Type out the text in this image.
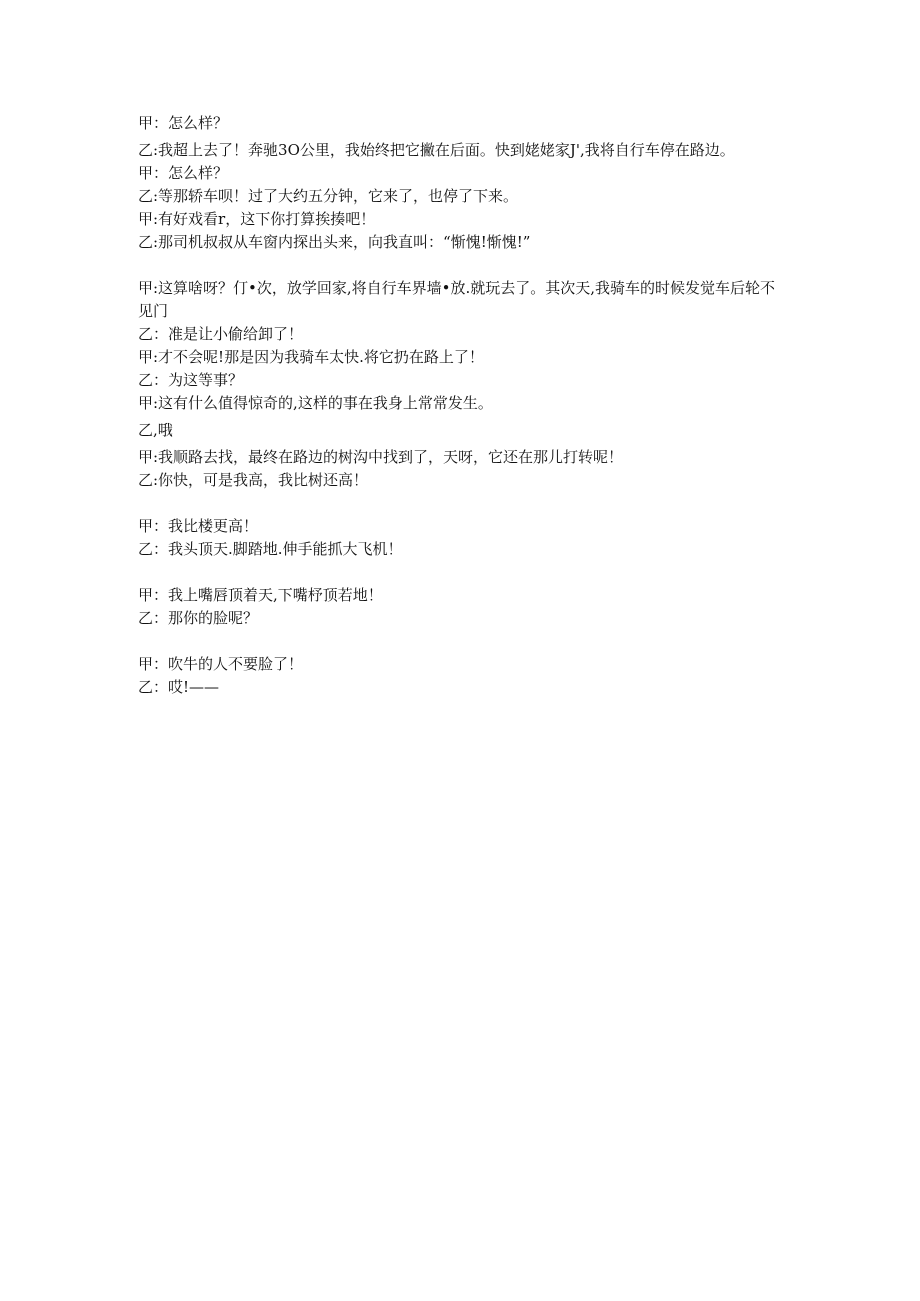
甲：怎么样？
乙:我超上去了！奔驰3O公里，我始终把它撇在后面。快到姥姥家J',我将自行车停在路边。
甲：怎么样？
乙:等那轿车呗！过了大约五分钟，它来了，也停了下来。
甲:有好戏看r，这下你打算挨揍吧！
乙:那司机叔叔从车窗内探出头来，向我直叫：“惭愧!惭愧!”
甲:这算啥呀？仃•次，放学回家,将自行车界墙•放.就玩去了。其次天,我骑车的时候发觉车后轮不见门
乙：准是让小偷给卸了！
甲:才不会呢!那是因为我骑车太快.将它扔在路上了！
乙：为这等事？
甲:这有什么值得惊奇的,这样的事在我身上常常发生。
乙,哦
甲:我顺路去找，最终在路边的树沟中找到了，天呀，它还在那儿打转呢！
乙:你快，可是我高，我比树还高！
甲：我比楼更高！
乙：我头顶天.脚踏地.伸手能抓大飞机！
甲：我上嘴唇顶着天,下嘴杼顶若地！
乙：那你的脸呢？
甲：吹牛的人不要脸了！
乙：哎!——
